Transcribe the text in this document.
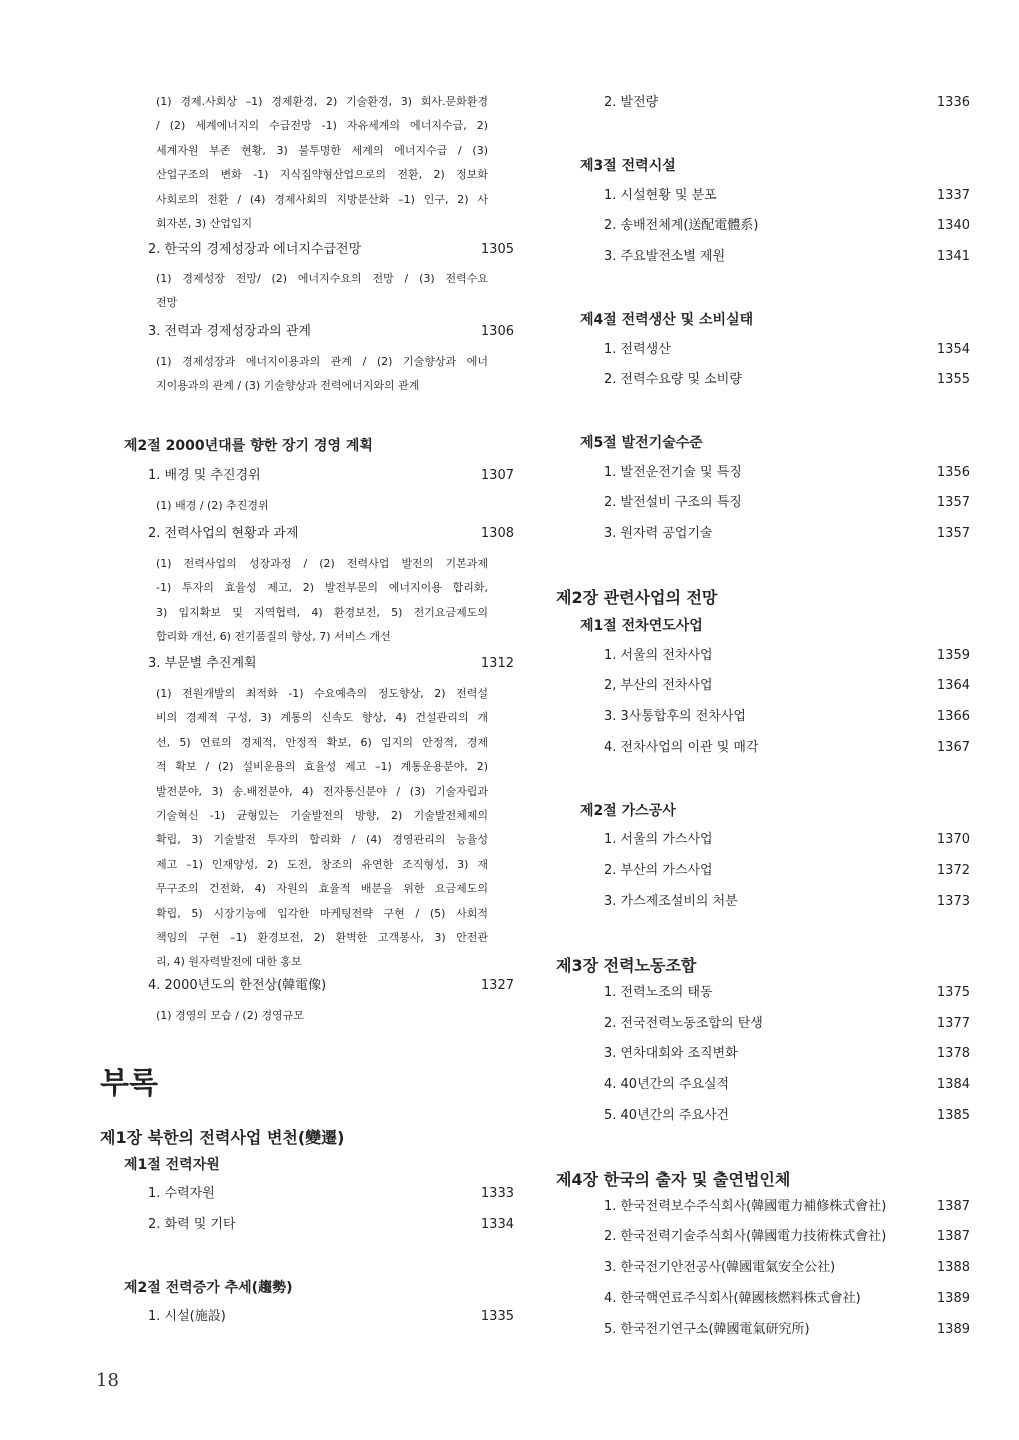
(1) 경제.사회상 –1) 경제환경, 2) 기술환경, 3) 회사.문화환경
/ (2) 세계에너지의 수급전망 -1) 자유세계의 에너지수급, 2)
세계자원 부존 현황, 3) 불투명한 세계의 에너지수급 / (3)
산업구조의 변화 -1) 지식집약형산업으로의 전환, 2) 정보화
사회로의 전환 / (4) 경제사회의 지방분산화 –1) 인구, 2) 사
회자본, 3) 산업입지
2. 한국의 경제성장과 에너지수급전망	1305
(1) 경제성장 전망/ (2) 에너지수요의 전망 / (3) 전력수요
전망
3. 전력과 경제성장과의 관계	1306
(1) 경제성장과 에너지이용과의 관계 / (2) 기술향상과 에너
지이용과의 관계 / (3) 기술향상과 전력에너지와의 관계
제2절 2000년대를 향한 장기 경영 계획
1. 배경 및 추진경위	1307
(1) 배경 / (2) 추진경위
2. 전력사업의 현황과 과제	1308
(1) 전력사업의 성장과정 / (2) 전력사업 발전의 기본과제
-1) 투자의 효율성 제고, 2) 발전부문의 에너지이용 합리화,
3) 입지확보 및 지역협력, 4) 환경보전, 5) 전기요금제도의
합리화 개선, 6) 전기품질의 향상, 7) 서비스 개선
3. 부문별 추진계획	1312
(1) 전원개발의 최적화 -1) 수요예측의 정도향상, 2) 전력설
비의 경제적 구성, 3) 계통의 신속도 향상, 4) 건설관리의 개
선, 5) 연료의 경제적, 안정적 확보, 6) 입지의 안정적, 경제
적 확보 / (2) 설비운용의 효율성 제고 –1) 계통운용분야, 2)
발전분야, 3) 송.배전분야, 4) 전자통신분야 / (3) 기술자립과
기술혁신 -1) 균형있는 기술발전의 방향, 2) 기술발전체제의
확립, 3) 기술발전 투자의 합리화 / (4) 경영관리의 능율성
제고 –1) 인재양성, 2) 도전, 창조의 유연한 조직형성, 3) 재
무구조의 건전화, 4) 자원의 효율적 배분을 위한 요금제도의
확립, 5) 시장기능에 입각한 마케팅전략 구현 / (5) 사회적
책임의 구현 –1) 환경보전, 2) 환벽한 고객봉사, 3) 안전관
리, 4) 원자력발전에 대한 홍보
4. 2000년도의 한전상(韓電像)	1327
(1) 경영의 모습 / (2) 경영규모
부록
제1장 북한의 전력사업 변천(變遷)
제1절 전력자원
1. 수력자원	1333
2. 화력 및 기타	1334
제2절 전력증가 추세(趨勢)
1. 시설(施設)	1335
2. 발전량	1336
제3절 전력시설
1. 시설현황 및 분포	1337
2. 송배전체계(送配電體系)	1340
3. 주요발전소별 제원	1341
제4절 전력생산 및 소비실태
1. 전력생산	1354
2. 전력수요량 및 소비량	1355
제5절 발전기술수준
1. 발전운전기술 및 특징	1356
2. 발전설비 구조의 특징	1357
3. 원자력 공업기술	1357
제2장 관련사업의 전망
제1절 전차연도사업
1. 서울의 전차사업	1359
2, 부산의 전차사업	1364
3. 3사통합후의 전차사업	1366
4. 전차사업의 이관 및 매각	1367
제2절 가스공사
1. 서울의 가스사업	1370
2. 부산의 가스사업	1372
3. 가스제조설비의 처분	1373
제3장 전력노동조합
1. 전력노조의 태동	1375
2. 전국전력노동조합의 탄생	1377
3. 연차대회와 조직변화	1378
4. 40년간의 주요실적	1384
5. 40년간의 주요사건	1385
제4장 한국의 출자 및 출연법인체
1. 한국전력보수주식회사(韓國電力補修株式會社)	1387
2. 한국전력기술주식회사(韓國電力技術株式會社)	1387
3. 한국전기안전공사(韓國電氣安全公社)	1388
4. 한국핵연료주식회사(韓國核燃料株式會社)	1389
5. 한국전기연구소(韓國電氣研究所)	1389
18
